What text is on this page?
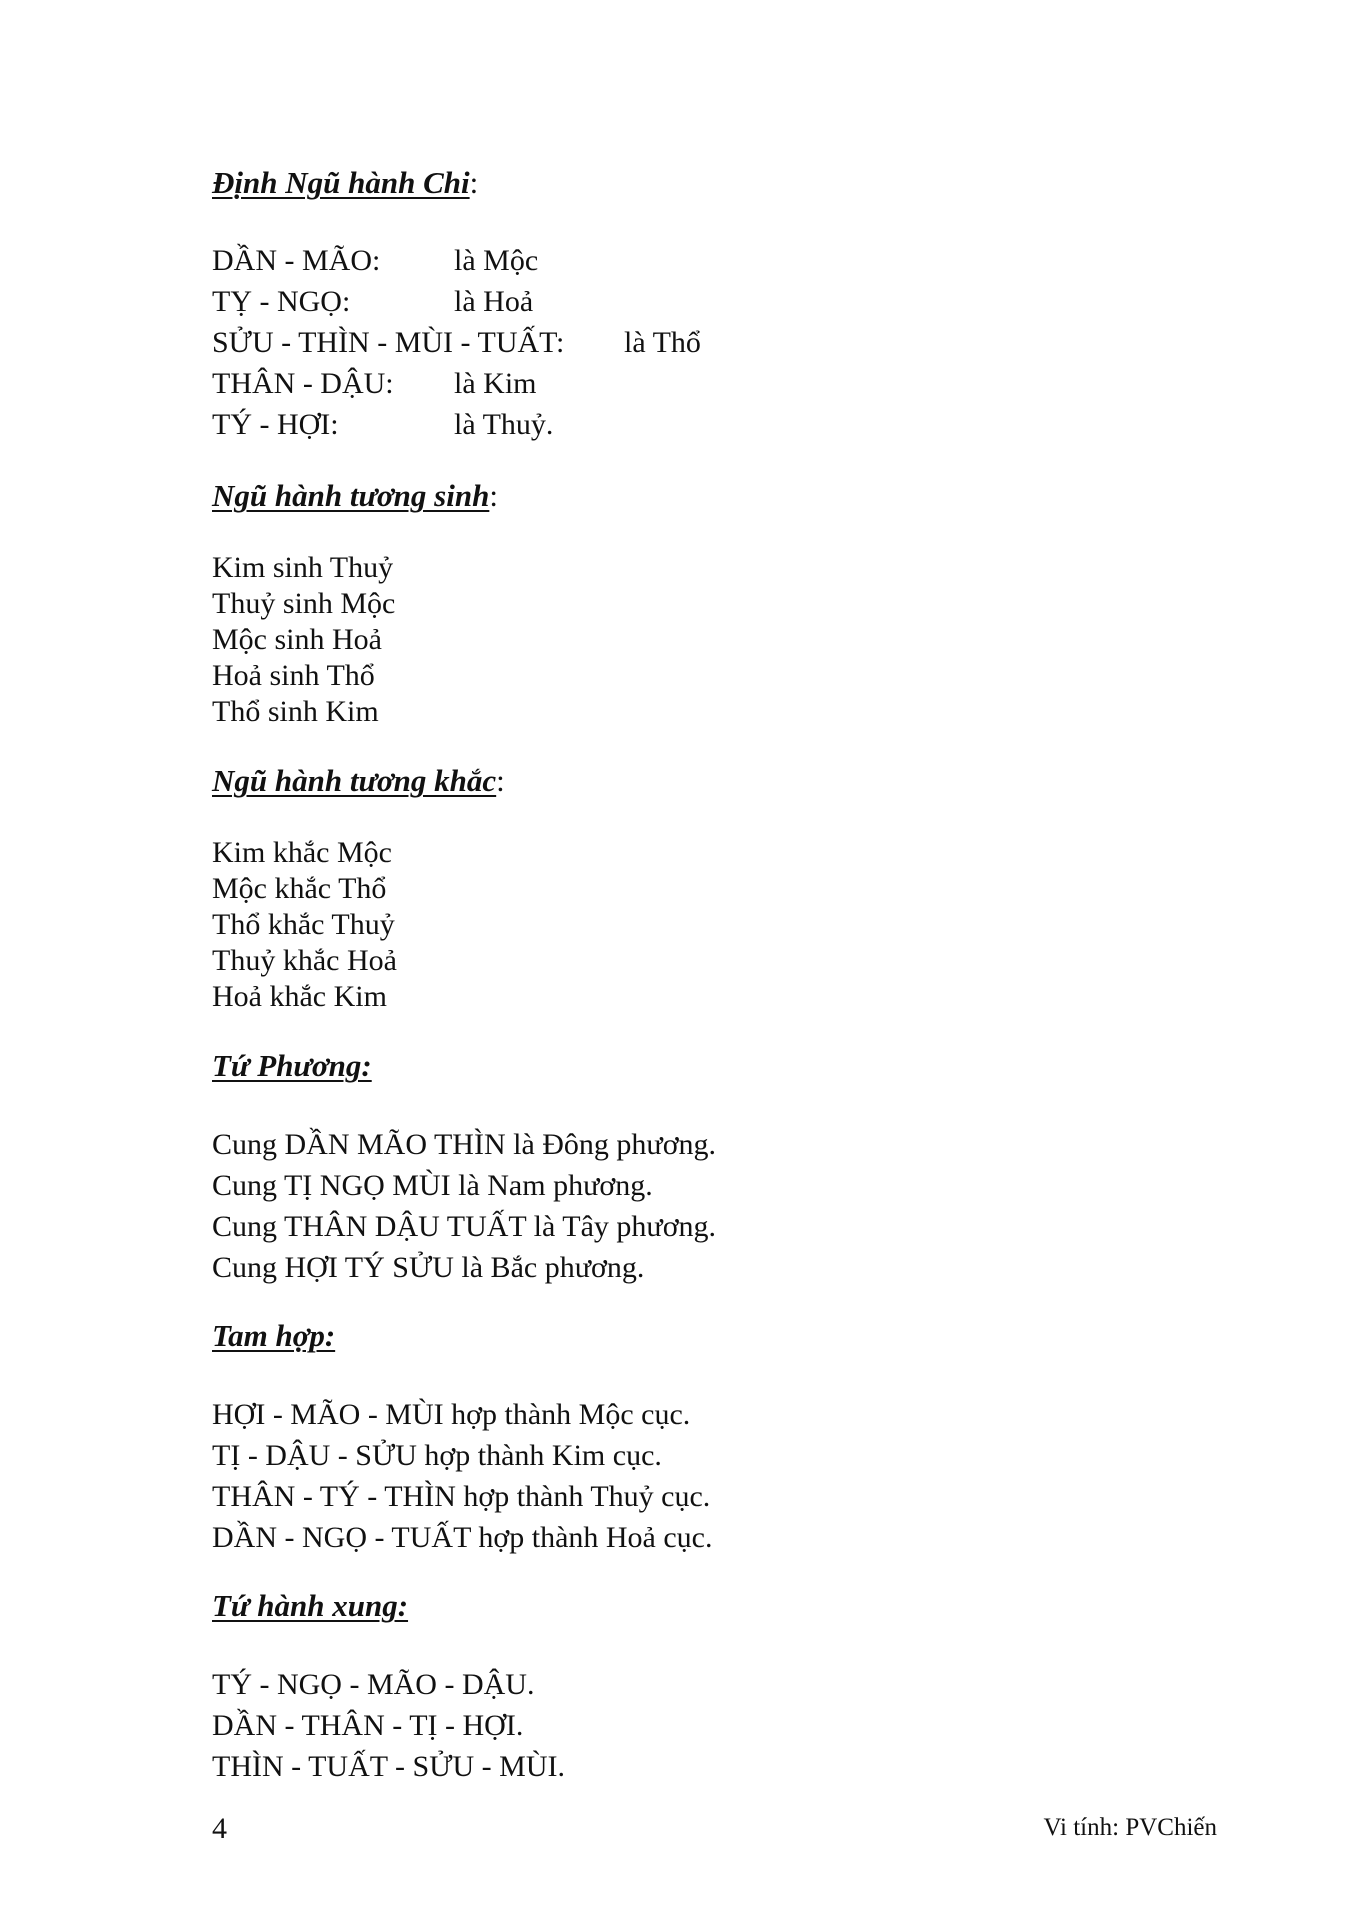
Định Ngũ hành Chi:
DẦN - MÃO: là Mộc
TỴ - NGỌ:	là Hoả
SỬU - THÌN - MÙI - TUẤT: là Thổ
THÂN - DẬU: là Kim
TÝ - HỢI:	là Thuỷ.
Ngũ hành tương sinh:
Kim sinh Thuỷ
Thuỷ sinh Mộc
Mộc sinh Hoả
Hoả sinh Thổ
Thổ sinh Kim
Ngũ hành tương khắc:
Kim khắc Mộc
Mộc khắc Thổ
Thổ khắc Thuỷ
Thuỷ khắc Hoả
Hoả khắc Kim
Tứ Phương:
Cung DẦN MÃO THÌN là Đông phương.
Cung TỊ NGỌ MÙI là Nam phương.
Cung THÂN DẬU TUẤT là Tây phương.
Cung HỢI TÝ SỬU là Bắc phương.
Tam hợp:
HỢI - MÃO - MÙI hợp thành Mộc cục.
TỊ - DẬU - SỬU hợp thành Kim cục.
THÂN - TÝ - THÌN hợp thành Thuỷ cục.
DẦN - NGỌ - TUẤT hợp thành Hoả cục.
Tứ hành xung:
TÝ - NGỌ - MÃO - DẬU.
DẦN - THÂN - TỊ - HỢI.
THÌN - TUẤT - SỬU - MÙI.
4	Vi tính: PVChiến
